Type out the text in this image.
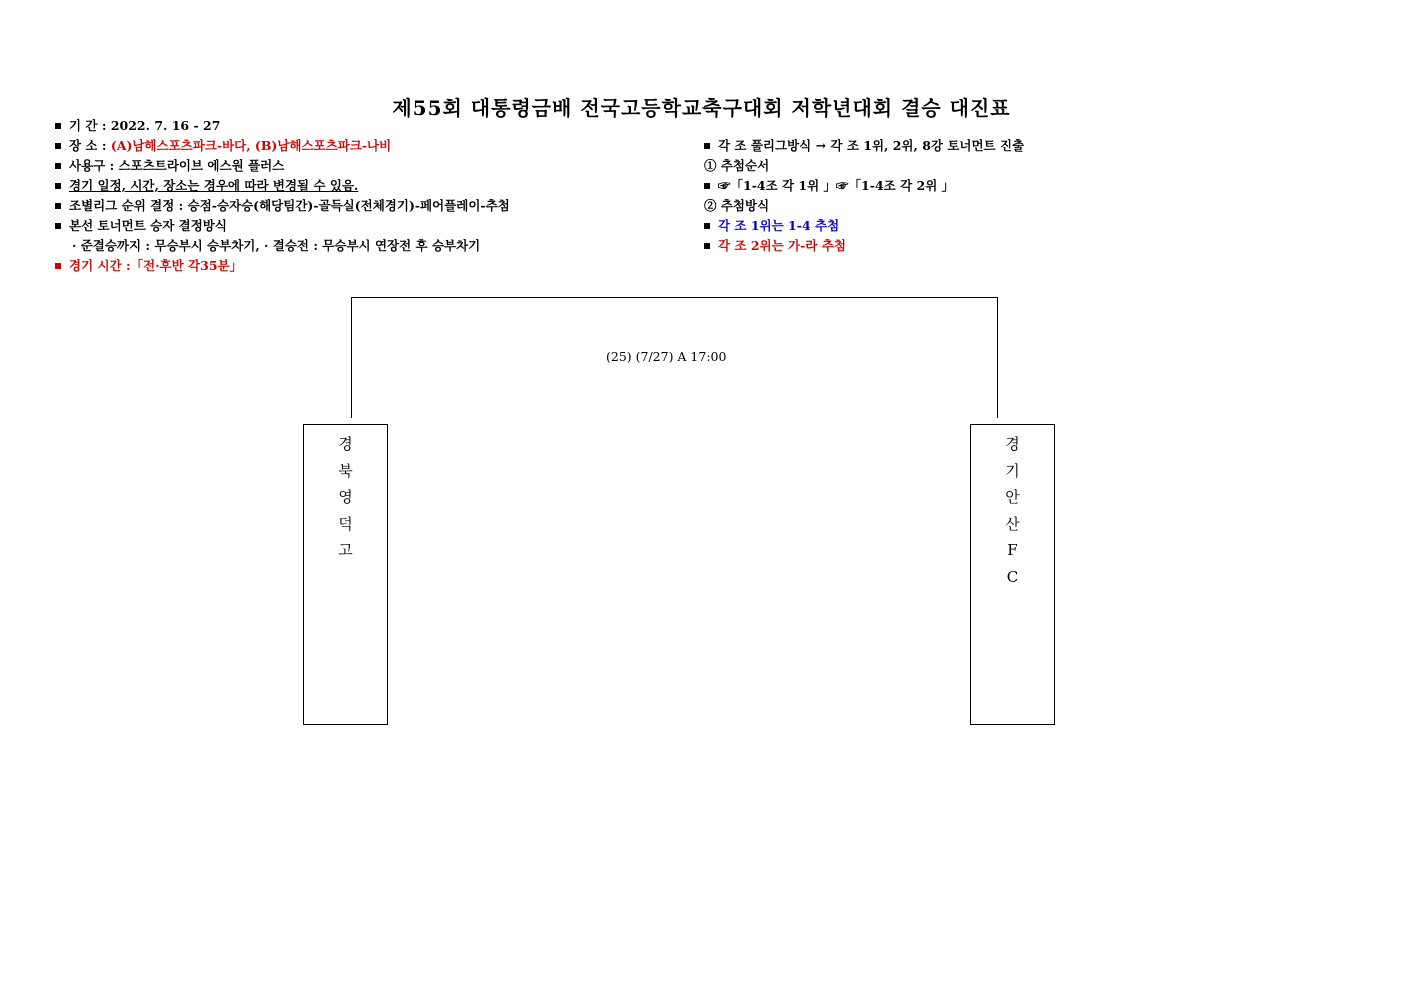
제55회 대통령금배 전국고등학교축구대회 저학년대회 결승 대진표
기 간 : 2022. 7. 16 - 27
장 소 : (A)남해스포츠파크-바다, (B)남해스포츠파크-나비
사용구 : 스포츠트라이브 에스원 플러스
경기 일정, 시간, 장소는 경우에 따라 변경될 수 있음.
조별리그 순위 결정 : 승점-승자승(해당팀간)-골득실(전체경기)-페어플레이-추첨
본선 토너먼트 승자 결정방식
· 준결승까지 : 무승부시 승부차기, · 결승전 : 무승부시 연장전 후 승부차기
경기 시간 :「전·후반 각35분」
각 조 풀리그방식 → 각 조 1위, 2위, 8강 토너먼트 진출
① 추첨순서
☞「1-4조 각 1위 」☞「1-4조 각 2위 」
② 추첨방식
각 조 1위는 1-4 추첨
각 조 2위는 가-라 추첨
(25) (7/27) A 17:00
경
북
영
덕
고
경
기
안
산
F
C
